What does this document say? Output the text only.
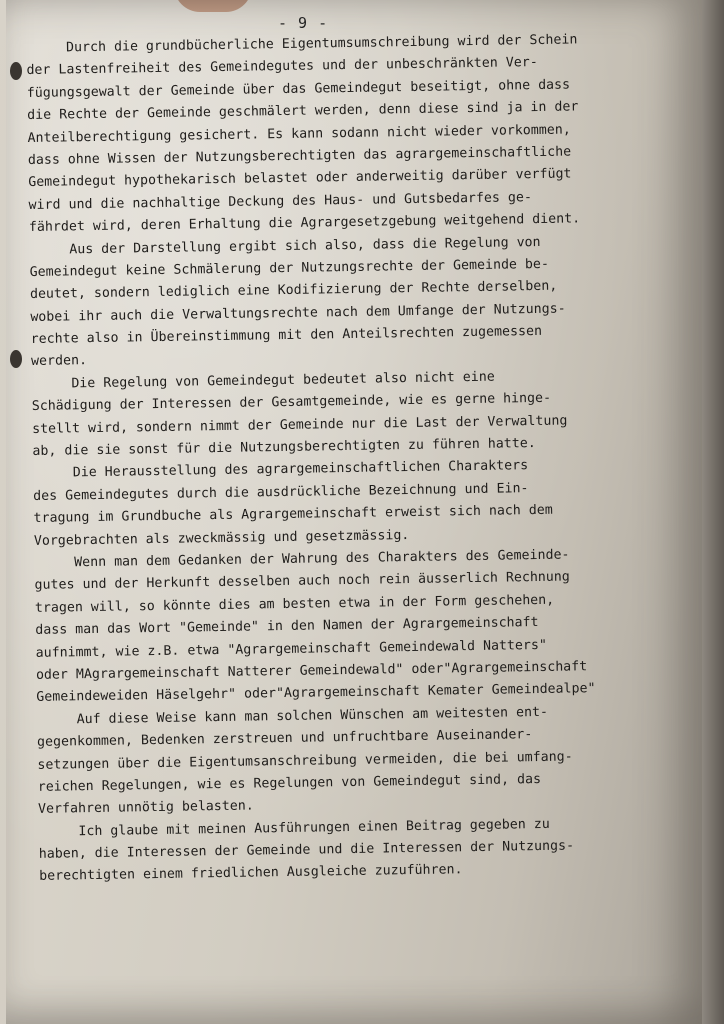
- 9 -
Durch die grundbücherliche Eigentumsumschreibung wird der Schein
der Lastenfreiheit des Gemeindegutes und der unbeschränkten Ver-
fügungsgewalt der Gemeinde über das Gemeindegut beseitigt, ohne dass
die Rechte der Gemeinde geschmälert werden, denn diese sind ja in der
Anteilberechtigung gesichert. Es kann sodann nicht wieder vorkommen,
dass ohne Wissen der Nutzungsberechtigten das agrargemeinschaftliche
Gemeindegut hypothekarisch belastet oder anderweitig darüber verfügt
wird und die nachhaltige Deckung des Haus- und Gutsbedarfes ge-
fährdet wird, deren Erhaltung die Agrargesetzgebung weitgehend dient.
Aus der Darstellung ergibt sich also, dass die Regelung von
Gemeindegut keine Schmälerung der Nutzungsrechte der Gemeinde be-
deutet, sondern lediglich eine Kodifizierung der Rechte derselben,
wobei ihr auch die Verwaltungsrechte nach dem Umfange der Nutzungs-
rechte also in Übereinstimmung mit den Anteilsrechten zugemessen
werden.
Die Regelung von Gemeindegut bedeutet also nicht eine
Schädigung der Interessen der Gesamtgemeinde, wie es gerne hinge-
stellt wird, sondern nimmt der Gemeinde nur die Last der Verwaltung
ab, die sie sonst für die Nutzungsberechtigten zu führen hatte.
Die Herausstellung des agrargemeinschaftlichen Charakters
des Gemeindegutes durch die ausdrückliche Bezeichnung und Ein-
tragung im Grundbuche als Agrargemeinschaft erweist sich nach dem
Vorgebrachten als zweckmässig und gesetzmässig.
Wenn man dem Gedanken der Wahrung des Charakters des Gemeinde-
gutes und der Herkunft desselben auch noch rein äusserlich Rechnung
tragen will, so könnte dies am besten etwa in der Form geschehen,
dass man das Wort "Gemeinde" in den Namen der Agrargemeinschaft
aufnimmt, wie z.B. etwa "Agrargemeinschaft Gemeindewald Natters"
oder MAgrargemeinschaft Natterer Gemeindewald" oder"Agrargemeinschaft
Gemeindeweiden Häselgehr" oder"Agrargemeinschaft Kemater Gemeindealpe"
Auf diese Weise kann man solchen Wünschen am weitesten ent-
gegenkommen, Bedenken zerstreuen und unfruchtbare Auseinander-
setzungen über die Eigentumsanschreibung vermeiden, die bei umfang-
reichen Regelungen, wie es Regelungen von Gemeindegut sind, das
Verfahren unnötig belasten.
Ich glaube mit meinen Ausführungen einen Beitrag gegeben zu
haben, die Interessen der Gemeinde und die Interessen der Nutzungs-
berechtigten einem friedlichen Ausgleiche zuzuführen.
